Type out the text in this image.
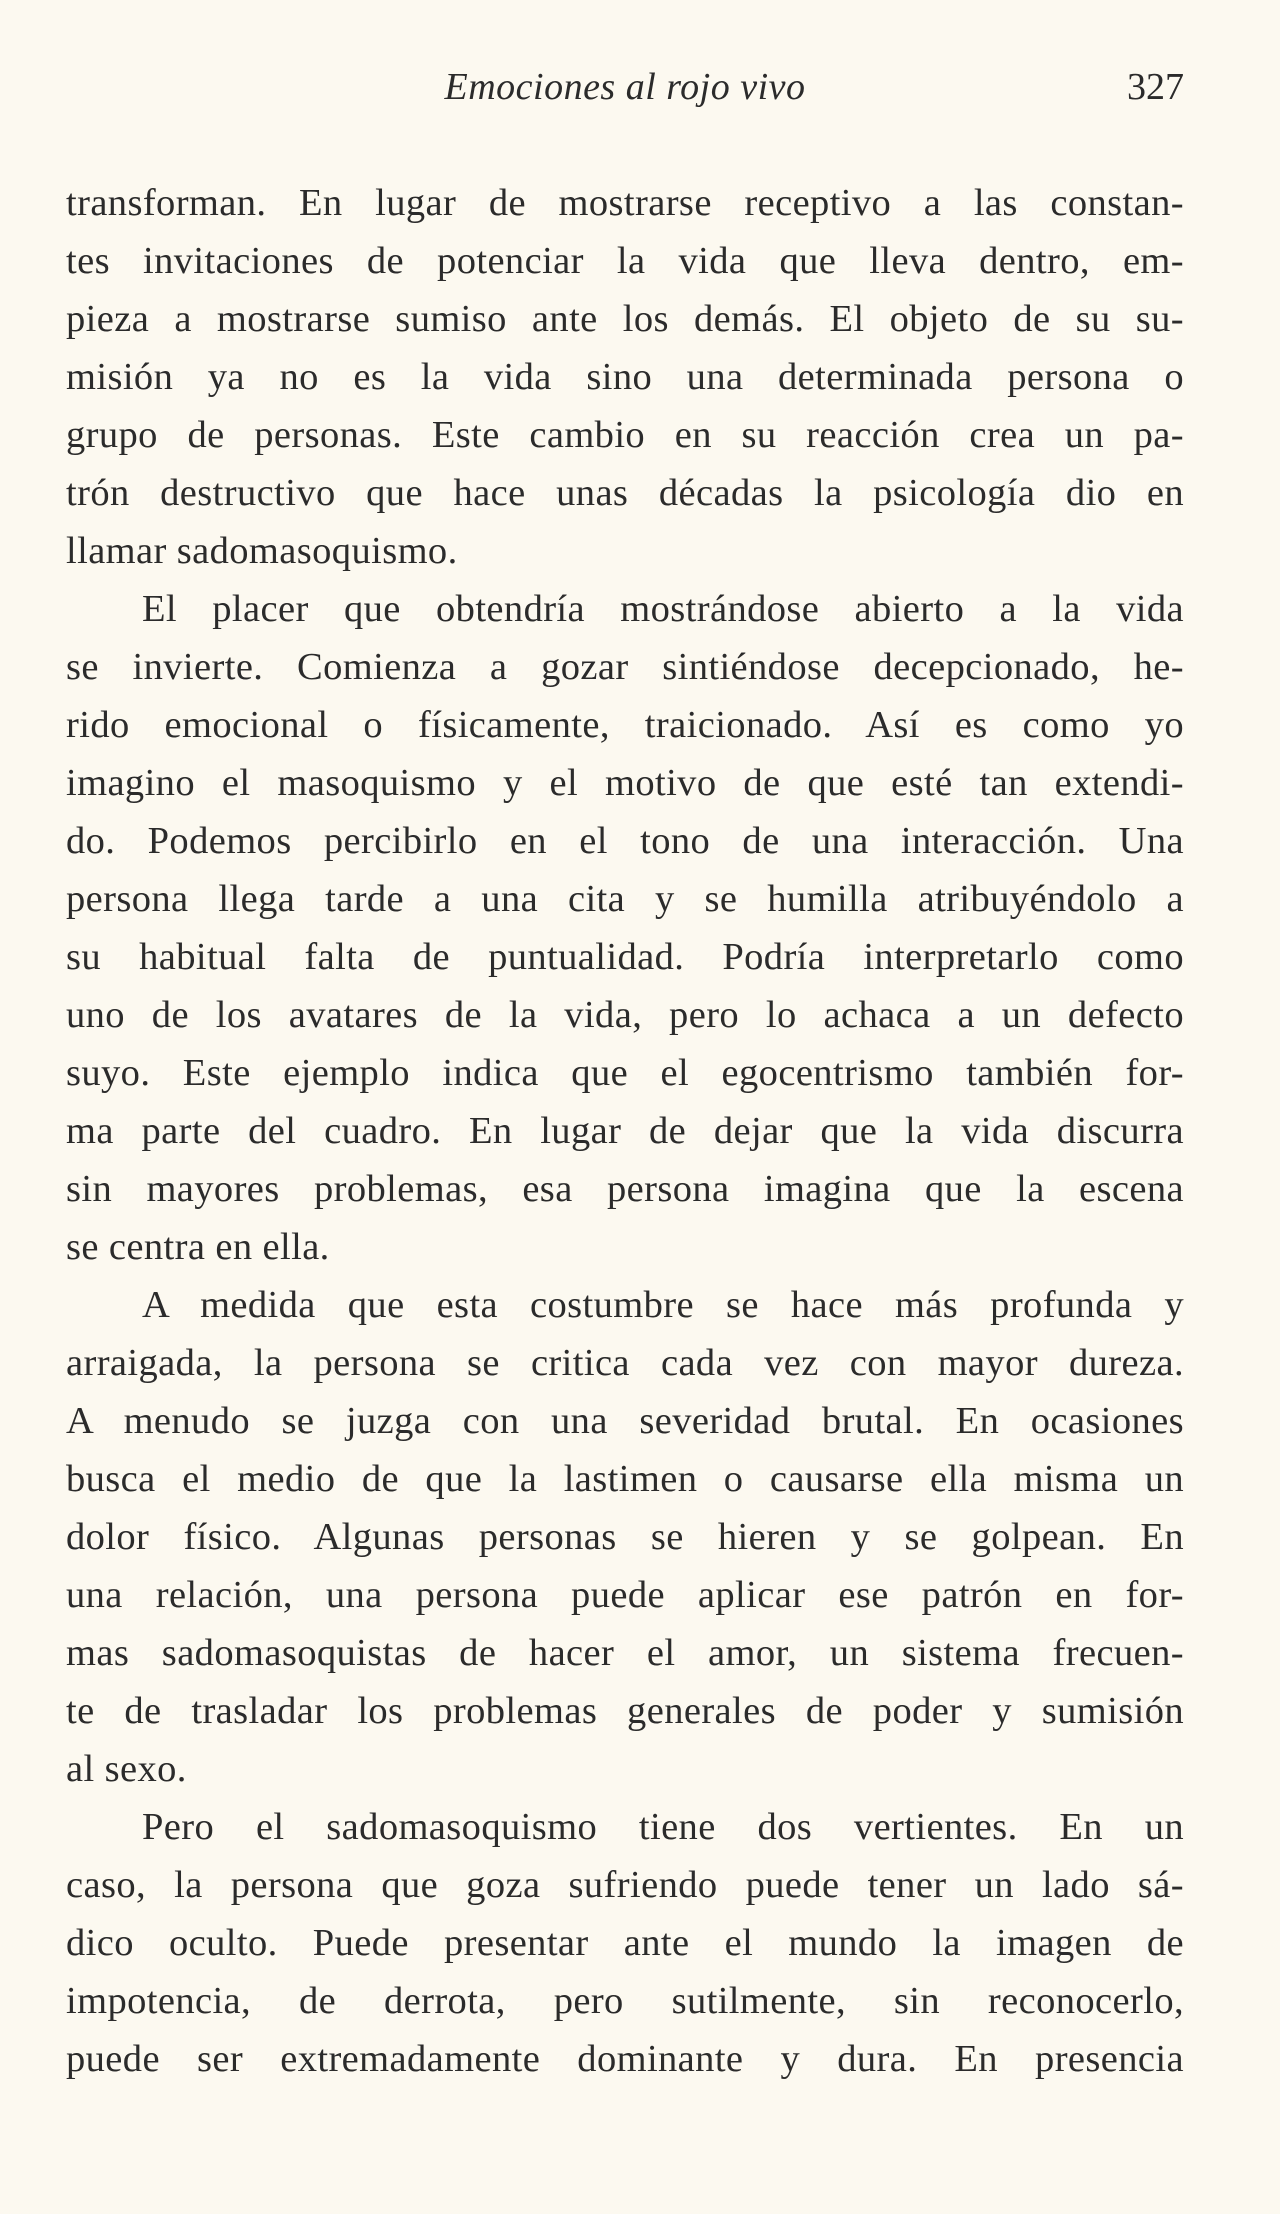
Emociones al rojo vivo	327

transforman. En lugar de mostrarse receptivo a las constan-
tes invitaciones de potenciar la vida que lleva dentro, em-
pieza a mostrarse sumiso ante los demás. El objeto de su su-
misión ya no es la vida sino una determinada persona o
grupo de personas. Este cambio en su reacción crea un pa-
trón destructivo que hace unas décadas la psicología dio en
llamar sadomasoquismo.

El placer que obtendría mostrándose abierto a la vida
se invierte. Comienza a gozar sintiéndose decepcionado, he-
rido emocional o físicamente, traicionado. Así es como yo
imagino el masoquismo y el motivo de que esté tan extendi-
do. Podemos percibirlo en el tono de una interacción. Una
persona llega tarde a una cita y se humilla atribuyéndolo a
su habitual falta de puntualidad. Podría interpretarlo como
uno de los avatares de la vida, pero lo achaca a un defecto
suyo. Este ejemplo indica que el egocentrismo también for-
ma parte del cuadro. En lugar de dejar que la vida discurra
sin mayores problemas, esa persona imagina que la escena
se centra en ella.

A medida que esta costumbre se hace más profunda y
arraigada, la persona se critica cada vez con mayor dureza.
A menudo se juzga con una severidad brutal. En ocasiones
busca el medio de que la lastimen o causarse ella misma un
dolor físico. Algunas personas se hieren y se golpean. En
una relación, una persona puede aplicar ese patrón en for-
mas sadomasoquistas de hacer el amor, un sistema frecuen-
te de trasladar los problemas generales de poder y sumisión
al sexo.

Pero el sadomasoquismo tiene dos vertientes. En un
caso, la persona que goza sufriendo puede tener un lado sá-
dico oculto. Puede presentar ante el mundo la imagen de
impotencia, de derrota, pero sutilmente, sin reconocerlo,
puede ser extremadamente dominante y dura. En presencia
